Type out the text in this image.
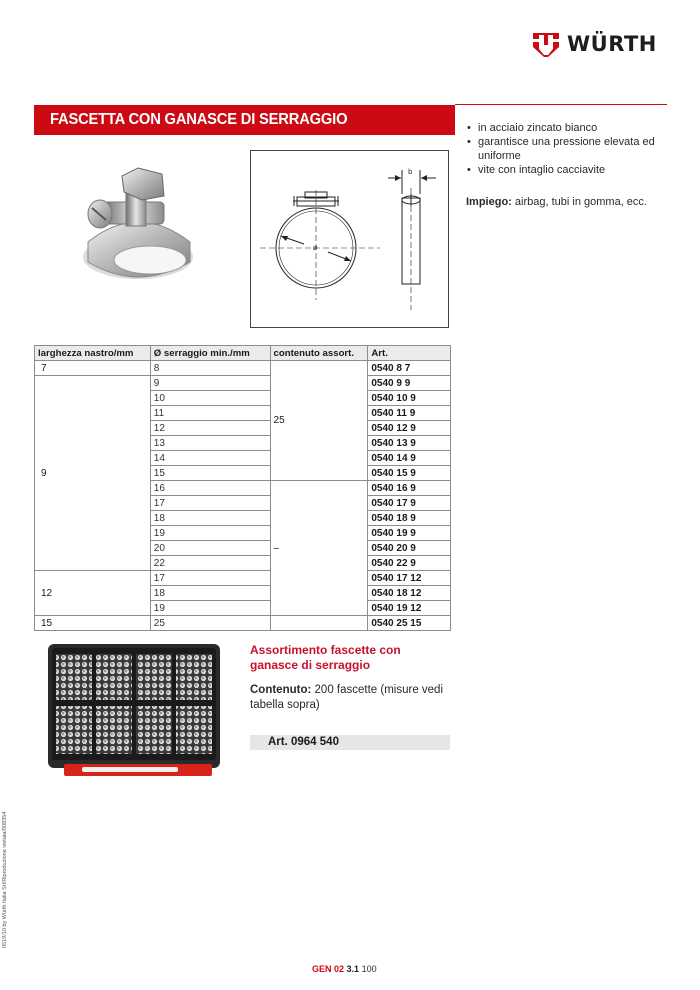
WÜRTH
FASCETTA CON GANASCE DI SERRAGGIO
ø
b
• in acciaio zincato bianco
• garantisce una pressione elevata ed uniforme
• vite con intaglio cacciavite
Impiego: airbag, tubi in gomma, ecc.
larghezza nastro/mm	Ø serraggio min./mm	contenuto assort.	Art.
7	8	25	0540 8 7
9	9		0540 9 9
	10		0540 10 9
	11		0540 11 9
	12		0540 12 9
	13		0540 13 9
	14		0540 14 9
	15		0540 15 9
	16	–	0540 16 9
	17		0540 17 9
	18		0540 18 9
	19		0540 19 9
	20		0540 20 9
	22		0540 22 9
12	17		0540 17 12
	18		0540 18 12
	19		0540 19 12
15	25		0540 25 15
Assortimento fascette con ganasce di serraggio
Contenuto: 200 fascette (misure vedi tabella sopra)
Art. 0964 540
0519/10 by Würth Italia Srl/Riproduzione vietata/008354
GEN 02 3.1 100
